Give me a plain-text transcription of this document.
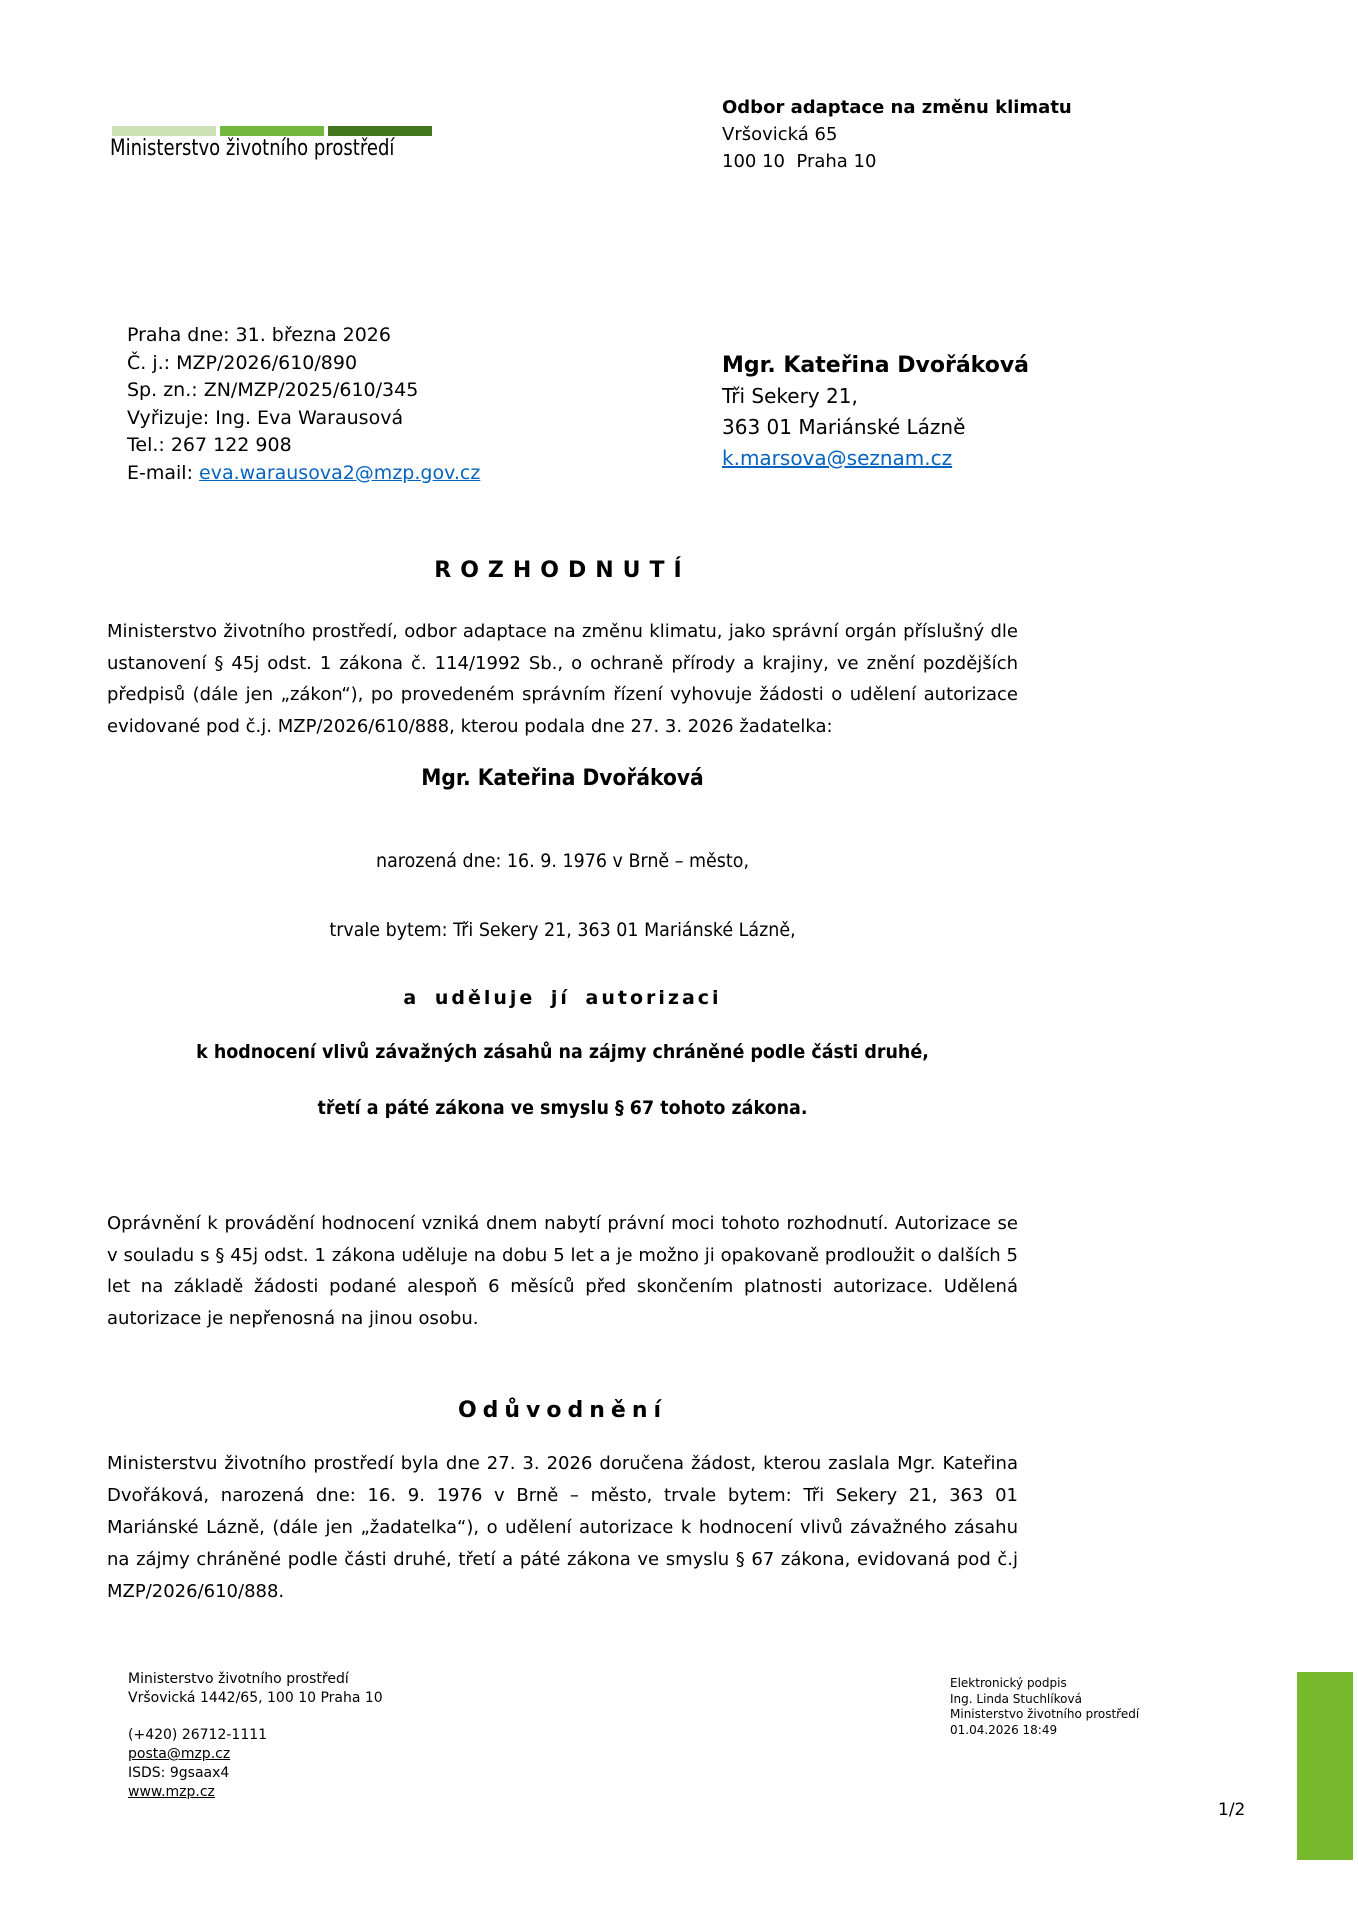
Ministerstvo životního prostředí
Odbor adaptace na změnu klimatu
Vršovická 65
100 10  Praha 10
Praha dne: 31. března 2026
Č. j.: MZP/2026/610/890
Sp. zn.: ZN/MZP/2025/610/345
Vyřizuje: Ing. Eva Warausová
Tel.: 267 122 908
E-mail: eva.warausova2@mzp.gov.cz
Mgr. Kateřina Dvořáková
Tři Sekery 21,
363 01 Mariánské Lázně
k.marsova@seznam.cz
ROZHODNUTÍ
Ministerstvo životního prostředí, odbor adaptace na změnu klimatu, jako správní orgán příslušný dle ustanovení § 45j odst. 1 zákona č. 114/1992 Sb., o ochraně přírody a krajiny, ve znění pozdějších předpisů (dále jen „zákon“), po provedeném správním řízení vyhovuje žádosti o udělení autorizace evidované pod č.j. MZP/2026/610/888, kterou podala dne 27. 3. 2026 žadatelka:
Mgr. Kateřina Dvořáková
narozená dne: 16. 9. 1976 v Brně – město,
trvale bytem: Tři Sekery 21, 363 01 Mariánské Lázně,
a uděluje jí autorizaci
k hodnocení vlivů závažných zásahů na zájmy chráněné podle části druhé,
třetí a páté zákona ve smyslu § 67 tohoto zákona.
Oprávnění k provádění hodnocení vzniká dnem nabytí právní moci tohoto rozhodnutí. Autorizace se v souladu s § 45j odst. 1 zákona uděluje na dobu 5 let a je možno ji opakovaně prodloužit o dalších 5 let na základě žádosti podané alespoň 6 měsíců před skončením platnosti autorizace. Udělená autorizace je nepřenosná na jinou osobu.
Odůvodnění
Ministerstvu životního prostředí byla dne 27. 3. 2026 doručena žádost, kterou zaslala Mgr. Kateřina Dvořáková, narozená dne: 16. 9. 1976 v Brně – město, trvale bytem: Tři Sekery 21, 363 01 Mariánské Lázně, (dále jen „žadatelka“), o udělení autorizace k hodnocení vlivů závažného zásahu na zájmy chráněné podle části druhé, třetí a páté zákona ve smyslu § 67 zákona, evidovaná pod č.j MZP/2026/610/888.
Ministerstvo životního prostředí
Vršovická 1442/65, 100 10 Praha 10
(+420) 26712-1111
posta@mzp.cz
ISDS: 9gsaax4
www.mzp.cz
Elektronický podpis
Ing. Linda Stuchlíková
Ministerstvo životního prostředí
01.04.2026 18:49
1/2
